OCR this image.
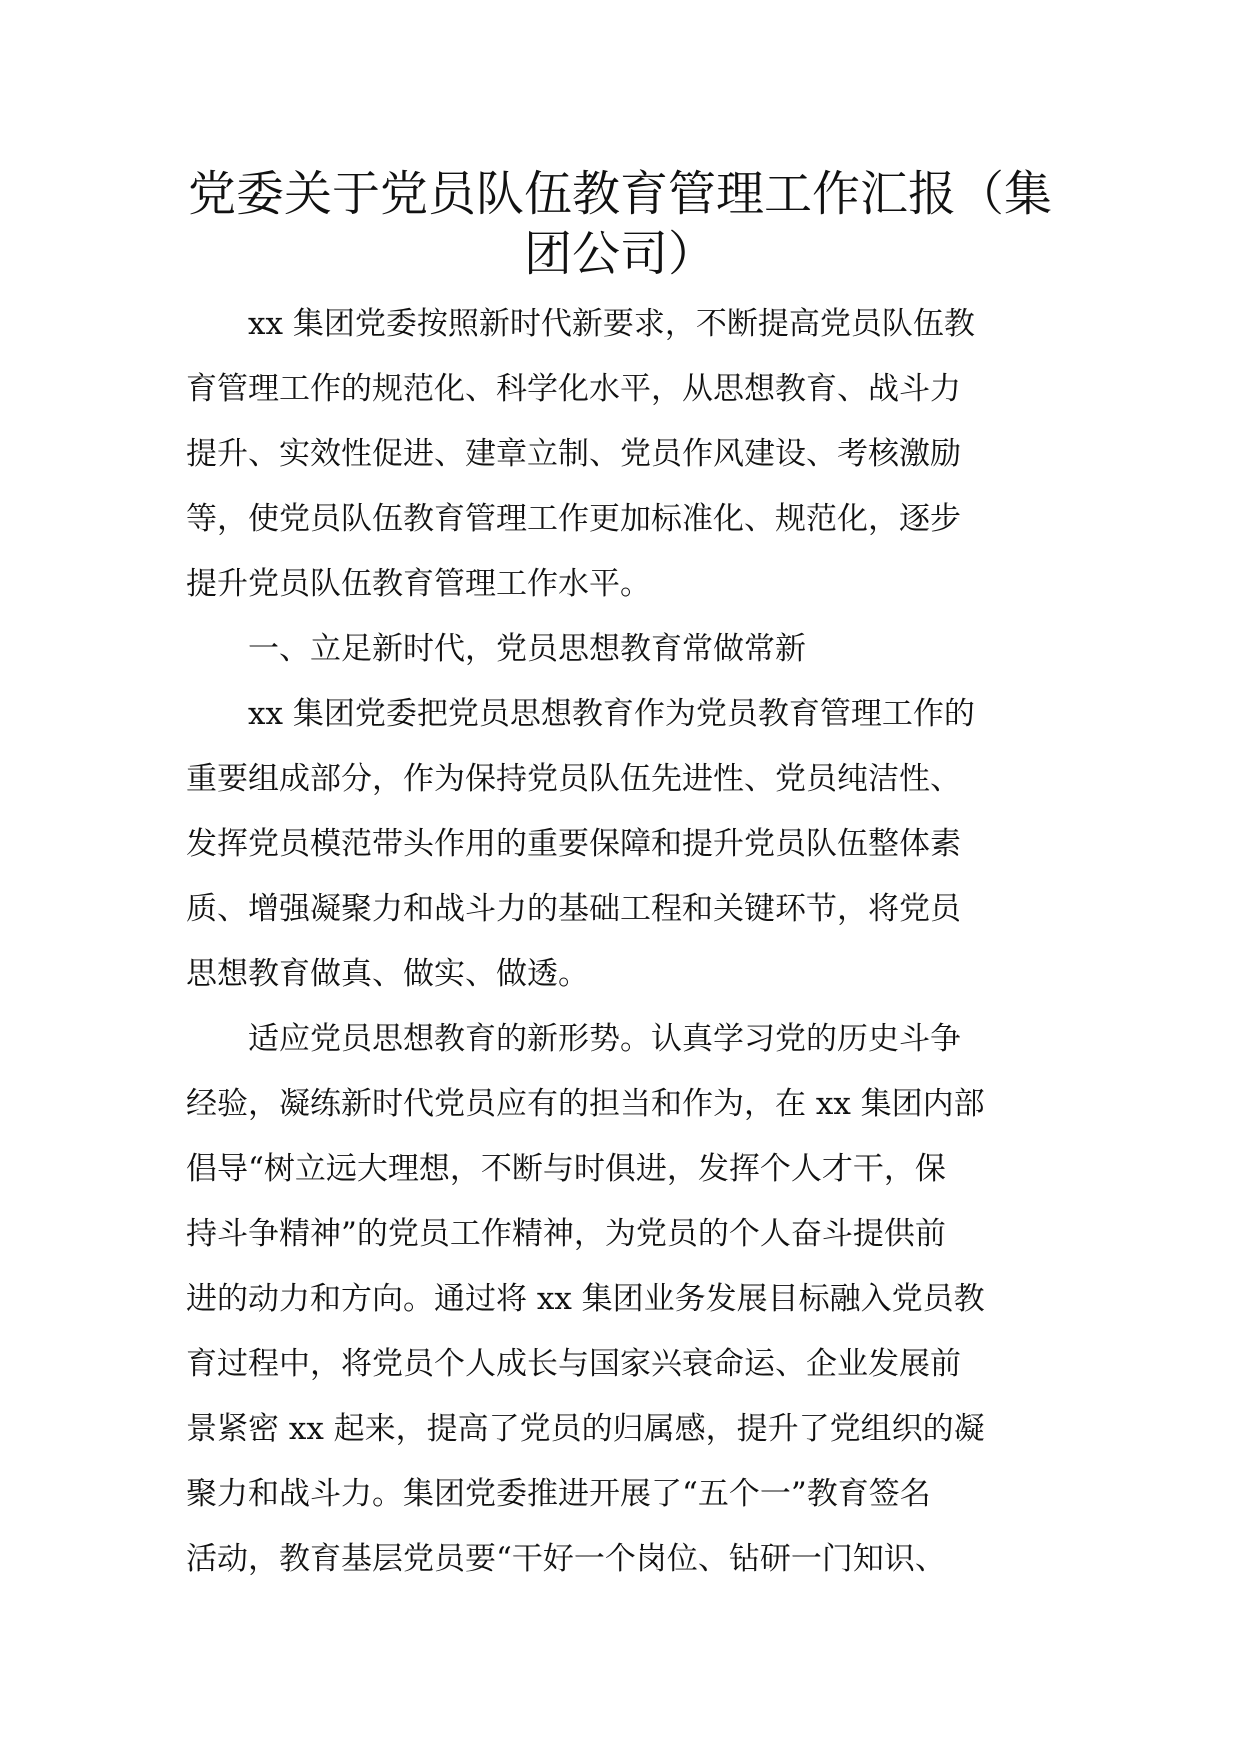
党委关于党员队伍教育管理工作汇报（集
团公司）

xx 集团党委按照新时代新要求，不断提高党员队伍教
育管理工作的规范化、科学化水平，从思想教育、战斗力
提升、实效性促进、建章立制、党员作风建设、考核激励
等，使党员队伍教育管理工作更加标准化、规范化，逐步
提升党员队伍教育管理工作水平。

一、立足新时代，党员思想教育常做常新

xx 集团党委把党员思想教育作为党员教育管理工作的
重要组成部分，作为保持党员队伍先进性、党员纯洁性、
发挥党员模范带头作用的重要保障和提升党员队伍整体素
质、增强凝聚力和战斗力的基础工程和关键环节，将党员
思想教育做真、做实、做透。

适应党员思想教育的新形势。认真学习党的历史斗争
经验，凝练新时代党员应有的担当和作为，在 xx 集团内部
倡导“树立远大理想，不断与时俱进，发挥个人才干，保
持斗争精神”的党员工作精神，为党员的个人奋斗提供前
进的动力和方向。通过将 xx 集团业务发展目标融入党员教
育过程中，将党员个人成长与国家兴衰命运、企业发展前
景紧密 xx 起来，提高了党员的归属感，提升了党组织的凝
聚力和战斗力。集团党委推进开展了“五个一”教育签名
活动，教育基层党员要“干好一个岗位、钻研一门知识、
